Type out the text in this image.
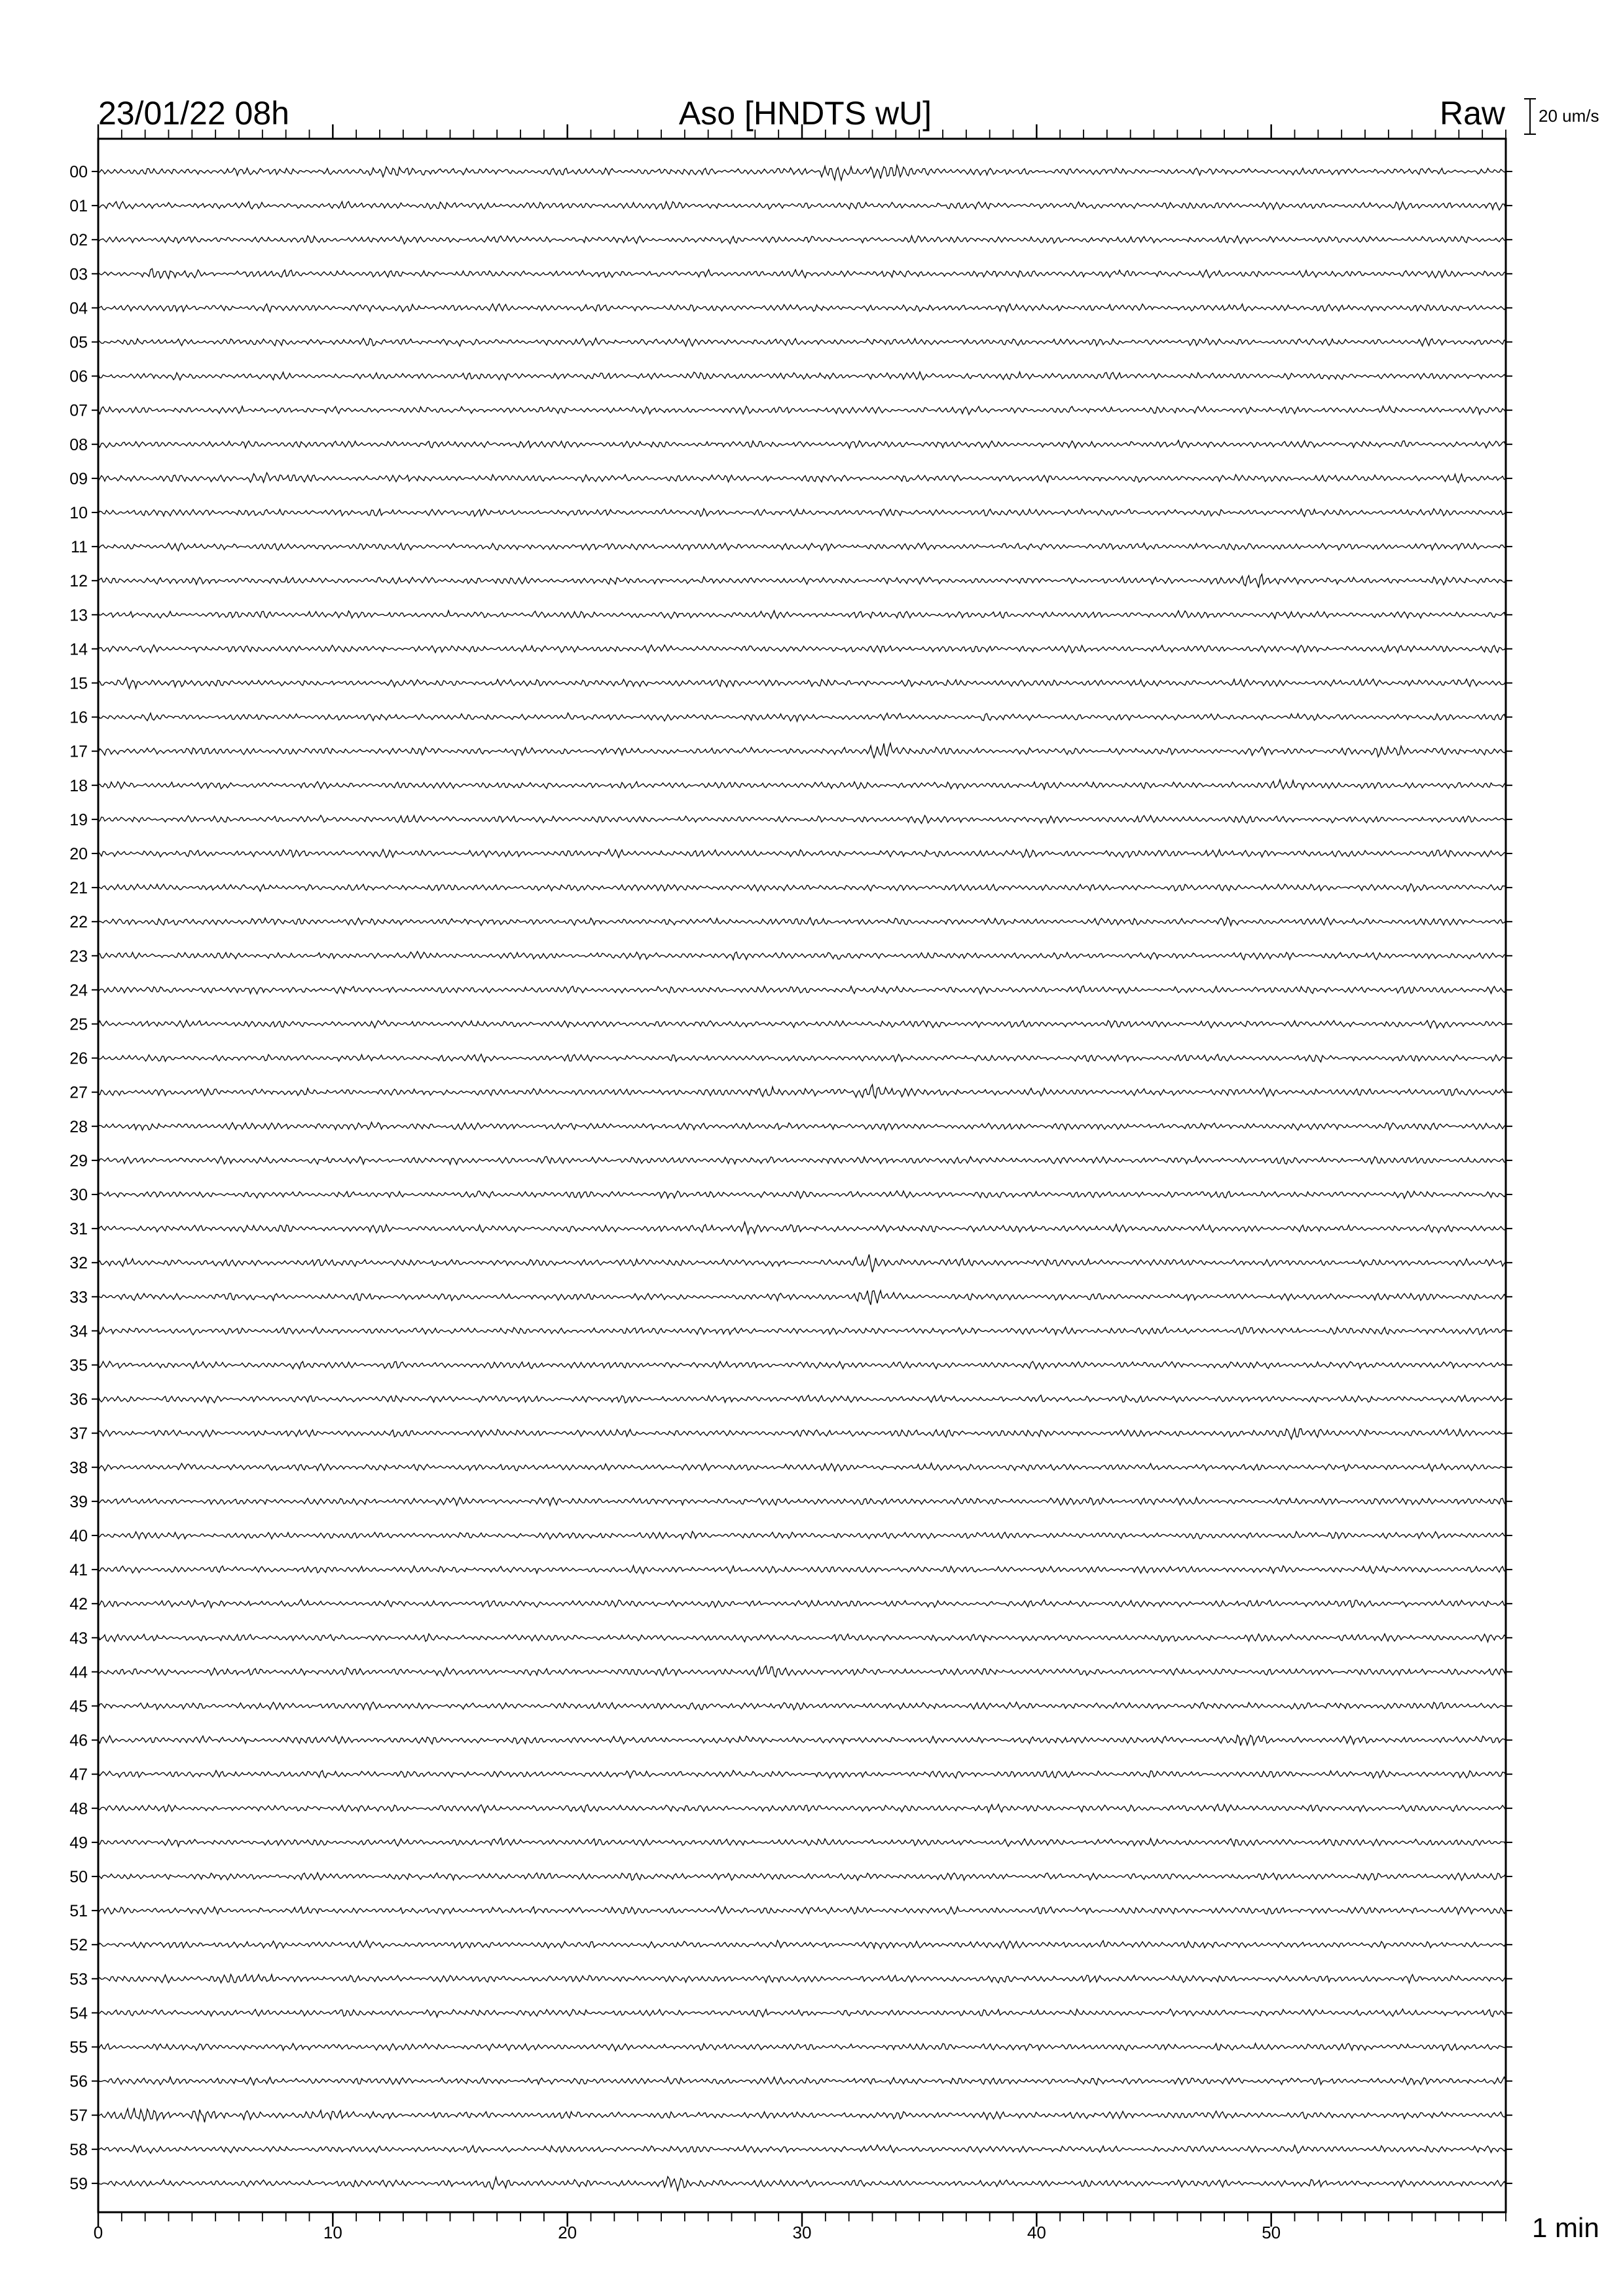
00
01
02
03
04
05
06
07
08
09
10
11
12
13
14
15
16
17
18
19
20
21
22
23
24
25
26
27
28
29
30
31
32
33
34
35
36
37
38
39
40
41
42
43
44
45
46
47
48
49
50
51
52
53
54
55
56
57
58
59
0	10	20	30	40	50
23/01/22 08h	Aso [HNDTS wU]	Raw 20 um/s
1 min
